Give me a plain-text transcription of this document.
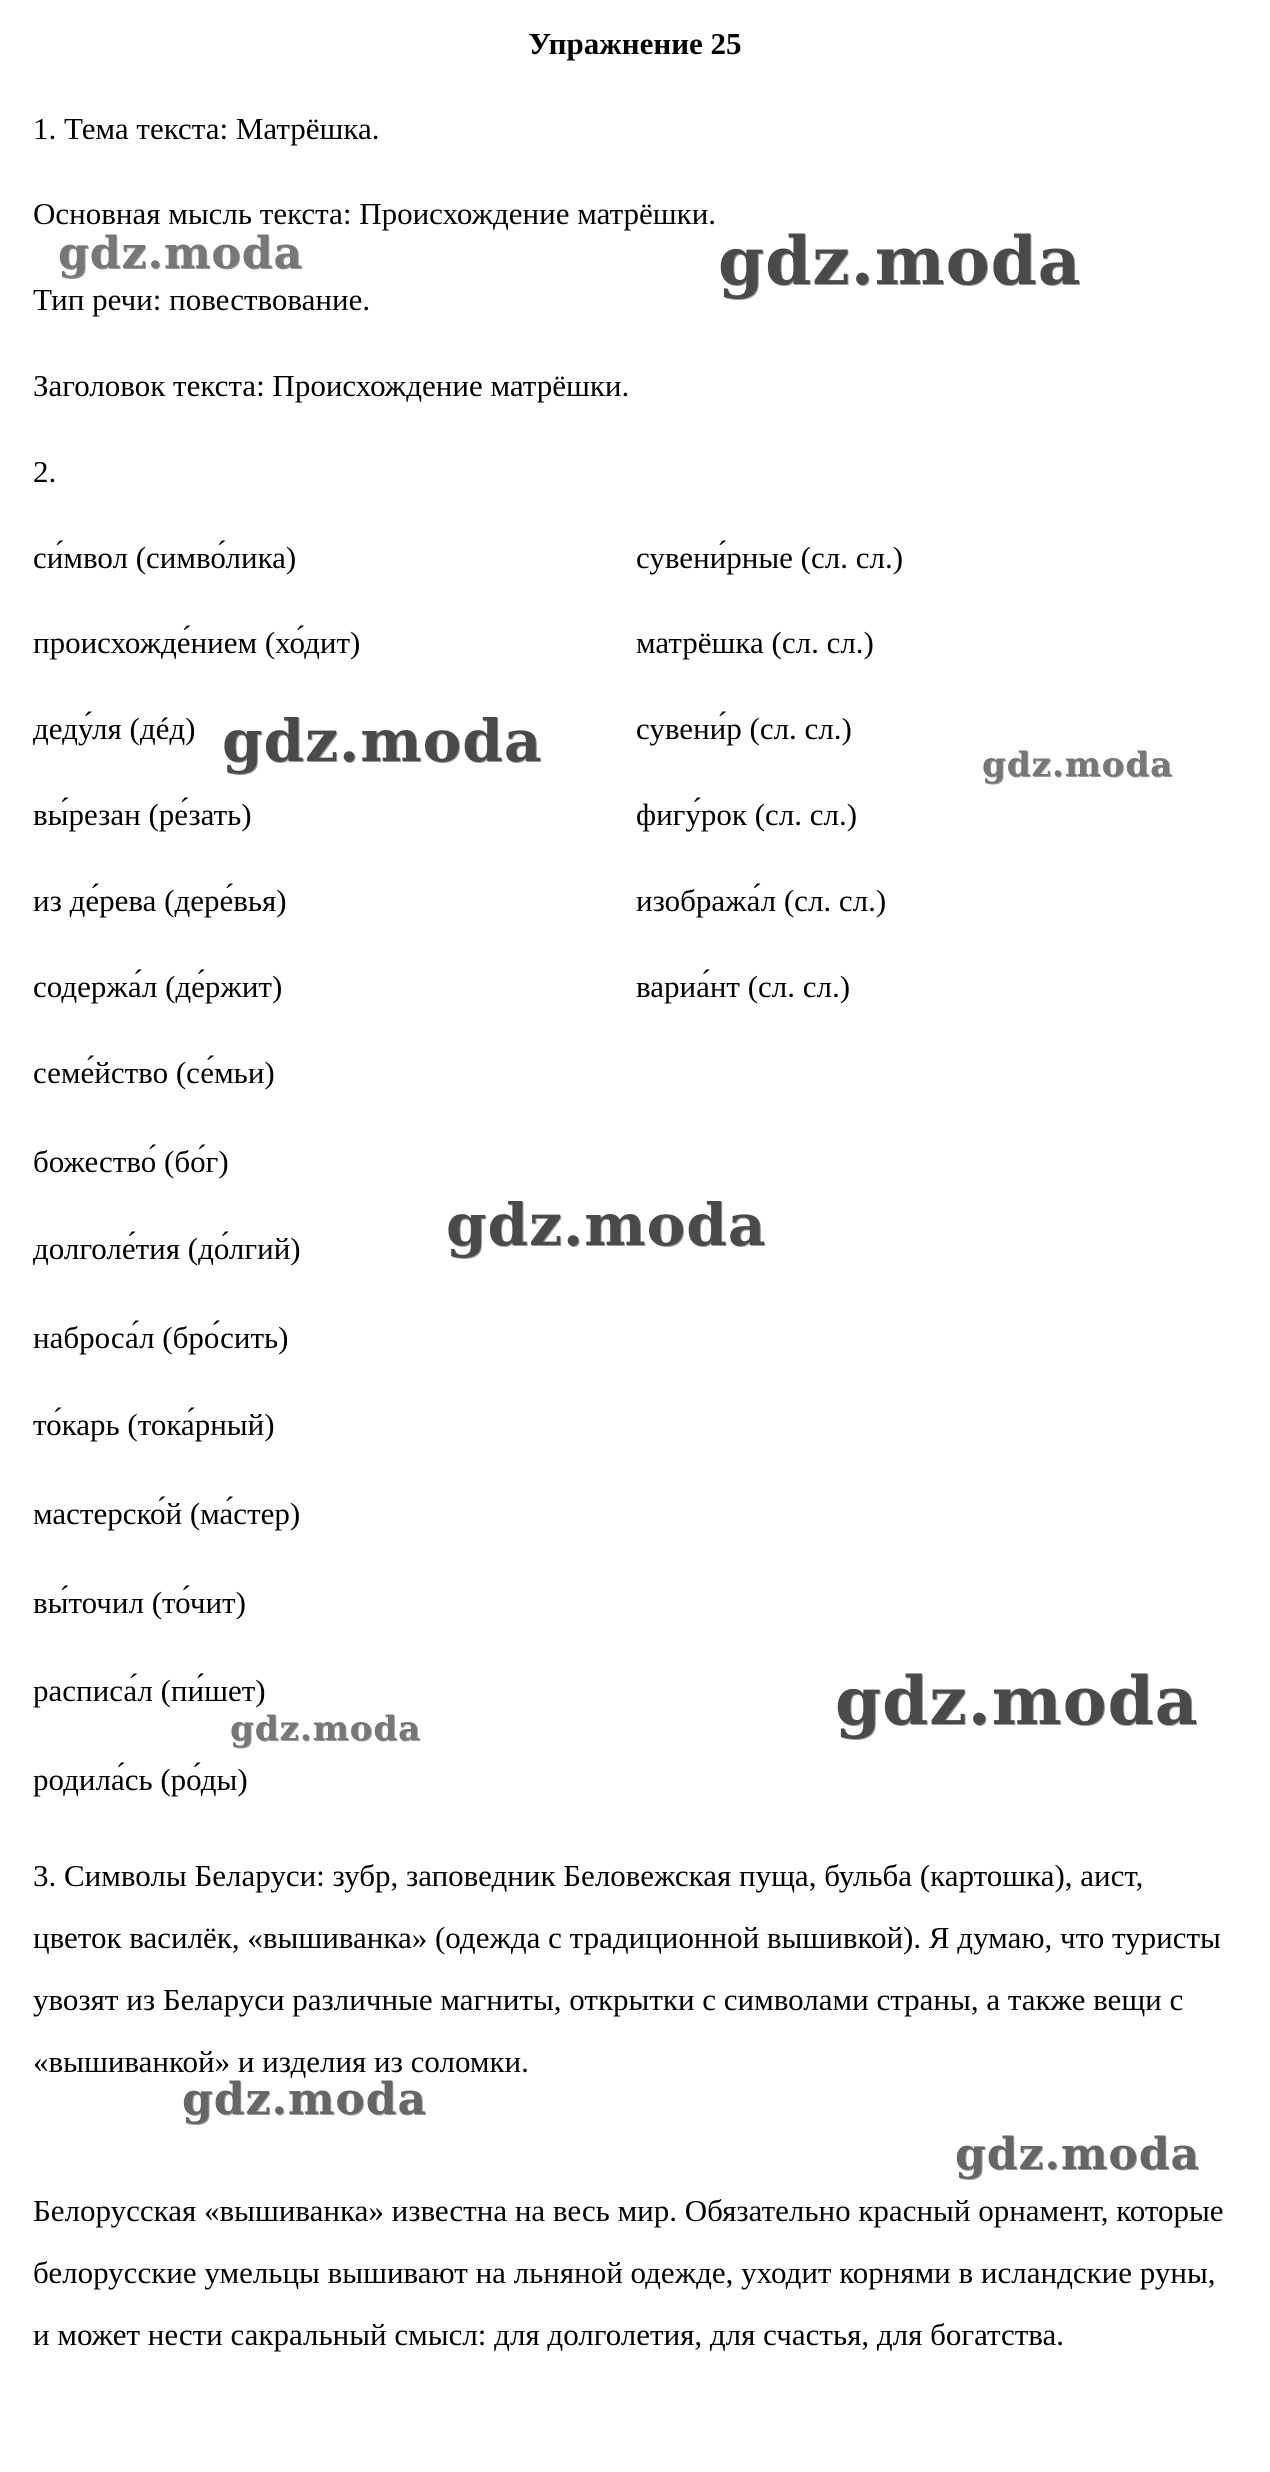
Упражнение 25

1. Тема текста: Матрёшка.

Основная мысль текста: Происхождение матрёшки.

Тип речи: повествование.

Заголовок текста: Происхождение матрёшки.

2.

си́мвол (симво́лика)

происхожде́нием (хо́дит)

деду́ля (дéд)

вы́резан (ре́зать)

из де́рева (дере́вья)

содержа́л (де́ржит)

семе́йство (се́мьи)

божество́ (бо́г)

долголе́тия (до́лгий)

наброса́л (бро́сить)

то́карь (тока́рный)

мастерско́й (ма́стер)

вы́точил (то́чит)

расписа́л (пи́шет)

родила́сь (ро́ды)

сувени́рные (сл. сл.)

матрёшка (сл. сл.)

сувени́р (сл. сл.)

фигу́рок (сл. сл.)

изобража́л (сл. сл.)

вариа́нт (сл. сл.)

3. Символы Беларуси: зубр, заповедник Беловежская пуща, бульба (картошка), аист, цветок василёк, «вышиванка» (одежда с традиционной вышивкой). Я думаю, что туристы увозят из Беларуси различные магниты, открытки с символами страны, а также вещи с «вышиванкой» и изделия из соломки.

Белорусская «вышиванка» известна на весь мир. Обязательно красный орнамент, которые белорусские умельцы вышивают на льняной одежде, уходит корнями в исландские руны, и может нести сакральный смысл: для долголетия, для счастья, для богатства.

gdz.moda	gdz.moda
gdz.moda	gdz.moda
gdz.moda
gdz.moda
gdz.moda
gdz.moda
gdz.moda
